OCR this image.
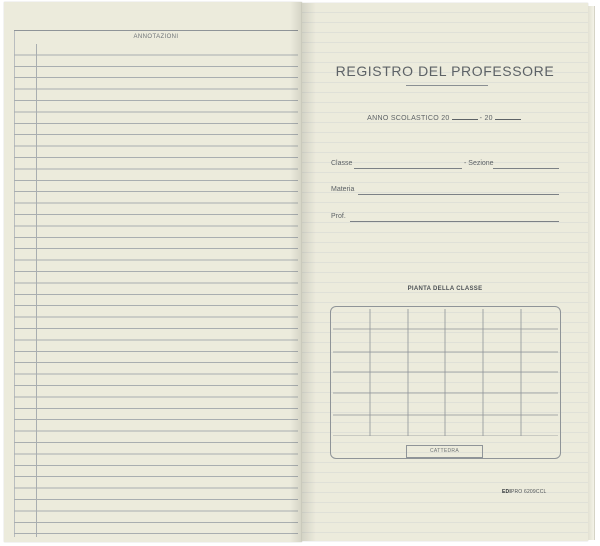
ANNOTAZIONI
REGISTRO DEL PROFESSORE
ANNO SCOLASTICO 20	- 20
Classe	- Sezione
Materia
Prof.
PIANTA DELLA CLASSE
CATTEDRA
EDIPRO 6209CCL
